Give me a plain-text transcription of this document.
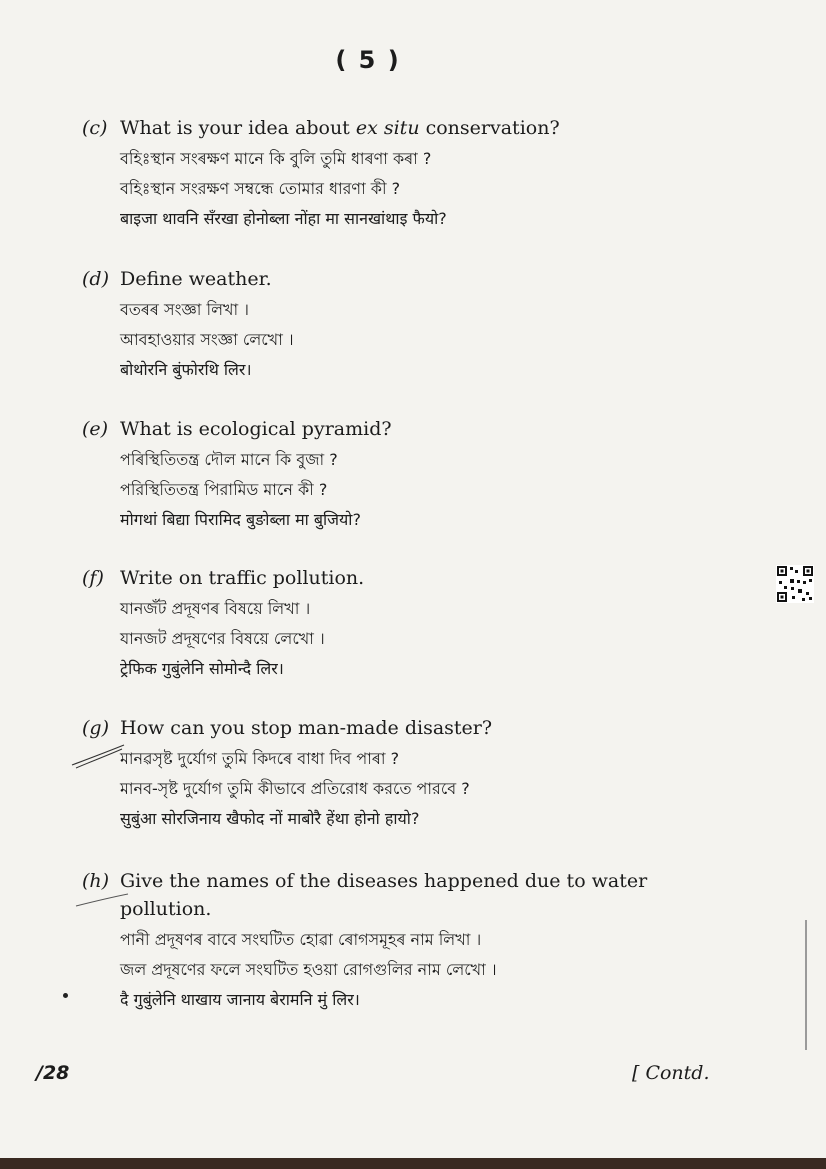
( 5 )
(c) What is your idea about ex situ conservation?
বহিঃস্থান সংৰক্ষণ মানে কি বুলি তুমি ধাৰণা কৰা ?
বহিঃস্থান সংরক্ষণ সম্বন্ধে তোমার ধারণা কী ?
बाइजा थावनि सँरखा होनोब्ला नोंहा मा सानखांथाइ फैयो?
(d) Define weather.
বতৰৰ সংজ্ঞা লিখা ।
আবহাওয়ার সংজ্ঞা লেখো ।
बोथोरनि बुंफोरथि लिर।
(e) What is ecological pyramid?
পৰিস্থিতিতন্ত্ৰ দৌল মানে কি বুজা ?
পরিস্থিতিতন্ত্র পিরামিড মানে কী ?
मोगथां बिद्या पिरामिद बुङोब्ला मा बुजियो?
(f) Write on traffic pollution.
যানজঁট প্ৰদূষণৰ বিষয়ে লিখা ।
যানজট প্রদূষণের বিষয়ে লেখো ।
ट्रेफिक गुबुंलेनि सोमोन्दै लिर।
(g) How can you stop man-made disaster?
মানৱসৃষ্ট দুৰ্যোগ তুমি কিদৰে বাধা দিব পাৰা ?
মানব-সৃষ্ট দুর্যোগ তুমি কীভাবে প্রতিরোধ করতে পারবে ?
सुबुंआ सोरजिनाय खैफोद नों माबोरै हेंथा होनो हायो?
(h) Give the names of the diseases happened due to water pollution.
পানী প্ৰদূষণৰ বাবে সংঘটিত হোৱা ৰোগসমূহৰ নাম লিখা ।
জল প্রদূষণের ফলে সংঘটিত হওয়া রোগগুলির নাম লেখো ।
दै गुबुंलेनि थाखाय जानाय बेरामनि मुं लिर।
/28	[ Contd.
